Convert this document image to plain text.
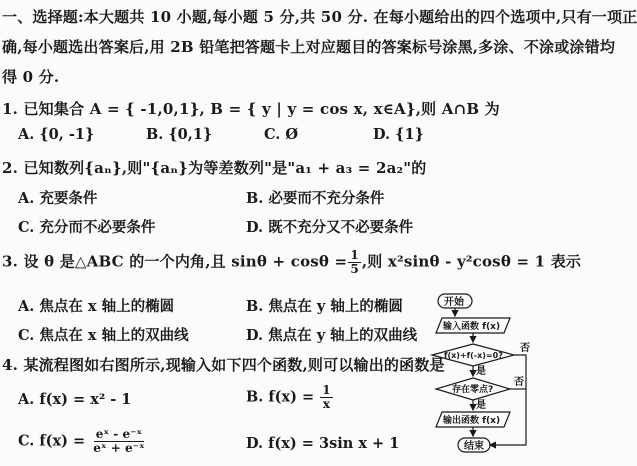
一、选择题:本大题共 10 小题,每小题 5 分,共 50 分. 在每小题给出的四个选项中,只有一项正
确,每小题选出答案后,用 2B 铅笔把答题卡上对应题目的答案标号涂黑,多涂、不涂或涂错均
得 0 分.
1. 已知集合 A = { -1,0,1}, B = { y | y = cos x, x∈A},则 A∩B 为
A. {0, -1}	B. {0,1}	C. Ø	D. {1}
2. 已知数列{aₙ},则"{aₙ}为等差数列"是"a₁ + a₃ = 2a₂"的
A. 充要条件	B. 必要而不充分条件
C. 充分而不必要条件	D. 既不充分又不必要条件
3. 设 θ 是△ABC 的一个内角,且 $\sin\theta + \cos\theta = \frac{1}{5}$ ,则 x²sinθ - y²cosθ = 1 表示
A. 焦点在 x 轴上的椭圆	B. 焦点在 y 轴上的椭圆
C. 焦点在 x 轴上的双曲线	D. 焦点在 y 轴上的双曲线
4. 某流程图如右图所示,现输入如下四个函数,则可以输出的函数是
A. f(x) = x² - 1	B. $f(x) = \frac{1}{x}$
C. $f(x) = \frac{\text{eˣ - e⁻ˣ}}{\text{eˣ + e⁻ˣ}}$	D. f(x) = 3sin x + 1
开始
输入函数 f(x)
f(x)+f(-x)=0?
存在零点?
输出函数 f(x)
结束
是
是
否
否
